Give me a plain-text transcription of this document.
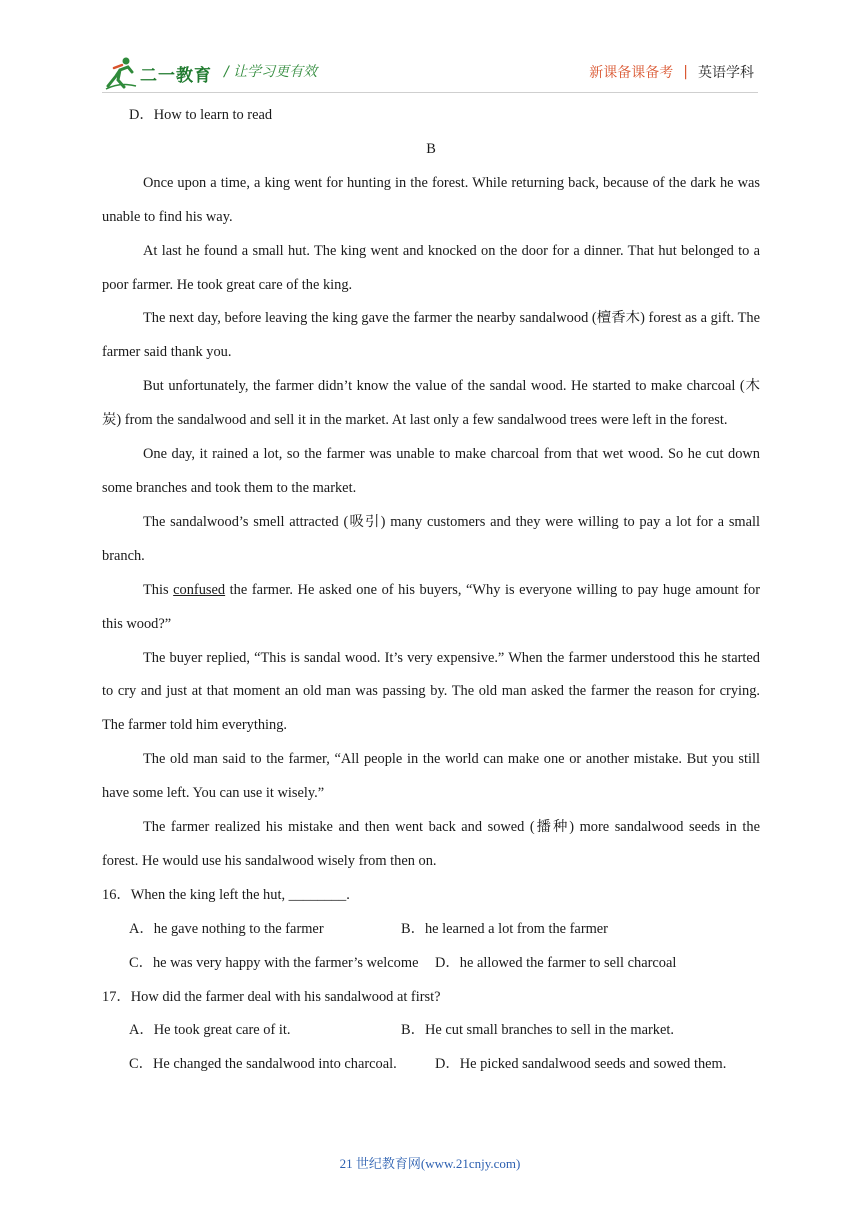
二一教育 / 让学习更有效	新课备课备考 | 英语学科
D．How to learn to read
B

Once upon a time, a king went for hunting in the forest. While returning back, because of the dark he was unable to find his way.

At last he found a small hut. The king went and knocked on the door for a dinner. That hut belonged to a poor farmer. He took great care of the king.

The next day, before leaving the king gave the farmer the nearby sandalwood (檀香木) forest as a gift. The farmer said thank you.

But unfortunately, the farmer didn’t know the value of the sandal wood. He started to make charcoal (木炭) from the sandalwood and sell it in the market. At last only a few sandalwood trees were left in the forest.

One day, it rained a lot, so the farmer was unable to make charcoal from that wet wood. So he cut down some branches and took them to the market.

The sandalwood’s smell attracted (吸引) many customers and they were willing to pay a lot for a small branch.

This confused the farmer. He asked one of his buyers, “Why is everyone willing to pay huge amount for this wood?”

The buyer replied, “This is sandal wood. It’s very expensive.” When the farmer understood this he started to cry and just at that moment an old man was passing by. The old man asked the farmer the reason for crying. The farmer told him everything.

The old man said to the farmer, “All people in the world can make one or another mistake. But you still have some left. You can use it wisely.”

The farmer realized his mistake and then went back and sowed (播种) more sandalwood seeds in the forest. He would use his sandalwood wisely from then on.

16．When the king left the hut, ________.
A．he gave nothing to the farmer	B．he learned a lot from the farmer
C．he was very happy with the farmer’s welcome D．he allowed the farmer to sell charcoal
17．How did the farmer deal with his sandalwood at first?
A．He took great care of it.	B．He cut small branches to sell in the market.
C．He changed the sandalwood into charcoal.	D．He picked sandalwood seeds and sowed them.
21 世纪教育网(www.21cnjy.com)
